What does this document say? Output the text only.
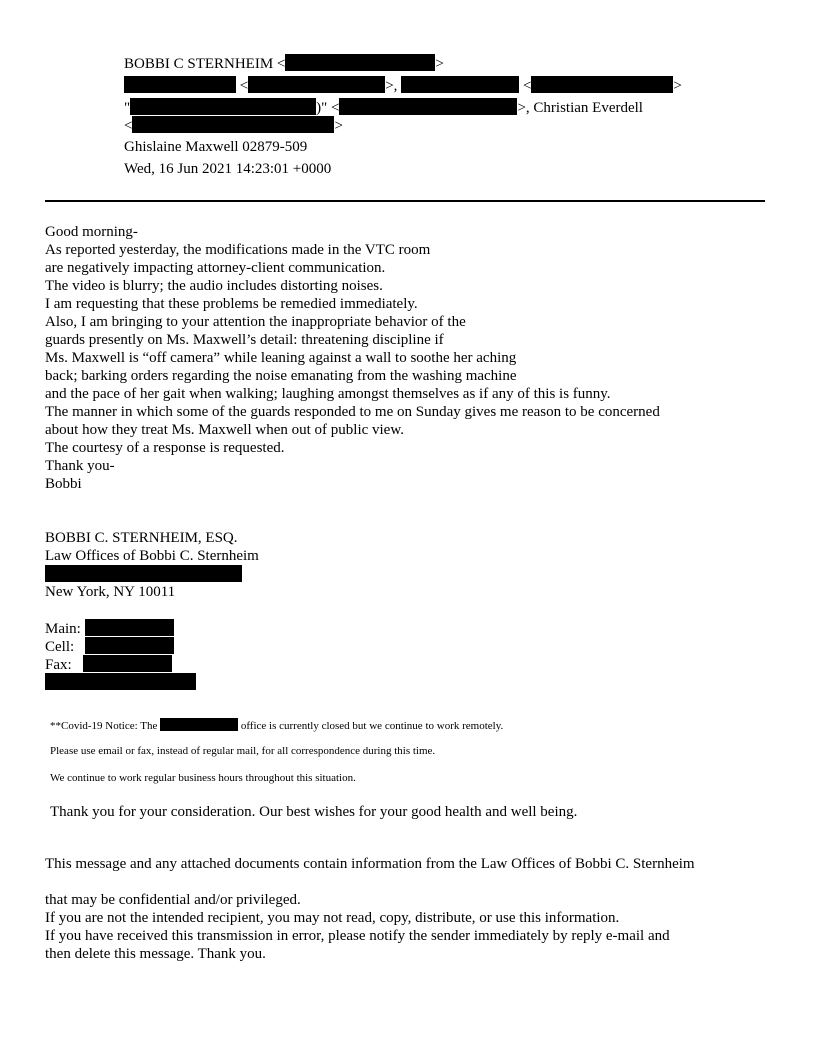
BOBBI C STERNHEIM <	>
<	>,	<	>
"	)" <	>, Christian Everdell
<	>
Ghislaine Maxwell 02879-509
Wed, 16 Jun 2021 14:23:01 +0000
Good morning-
As reported yesterday, the modifications made in the VTC room
are negatively impacting attorney-client communication.
The video is blurry; the audio includes distorting noises.
I am requesting that these problems be remedied immediately.
Also, I am bringing to your attention the inappropriate behavior of the
guards presently on Ms. Maxwell’s detail: threatening discipline if
Ms. Maxwell is “off camera” while leaning against a wall to soothe her aching
back; barking orders regarding the noise emanating from the washing machine
and the pace of her gait when walking; laughing amongst themselves as if any of this is funny.
The manner in which some of the guards responded to me on Sunday gives me reason to be concerned
about how they treat Ms. Maxwell when out of public view.
The courtesy of a response is requested.
Thank you-
Bobbi
BOBBI C. STERNHEIM, ESQ.
Law Offices of Bobbi C. Sternheim
New York, NY 10011
Main:
Cell:
Fax:
**Covid-19 Notice: The	office is currently closed but we continue to work remotely.
Please use email or fax, instead of regular mail, for all correspondence during this time.
We continue to work regular business hours throughout this situation.
Thank you for your consideration. Our best wishes for your good health and well being.
This message and any attached documents contain information from the Law Offices of Bobbi C. Sternheim
that may be confidential and/or privileged.
If you are not the intended recipient, you may not read, copy, distribute, or use this information.
If you have received this transmission in error, please notify the sender immediately by reply e-mail and
then delete this message. Thank you.
